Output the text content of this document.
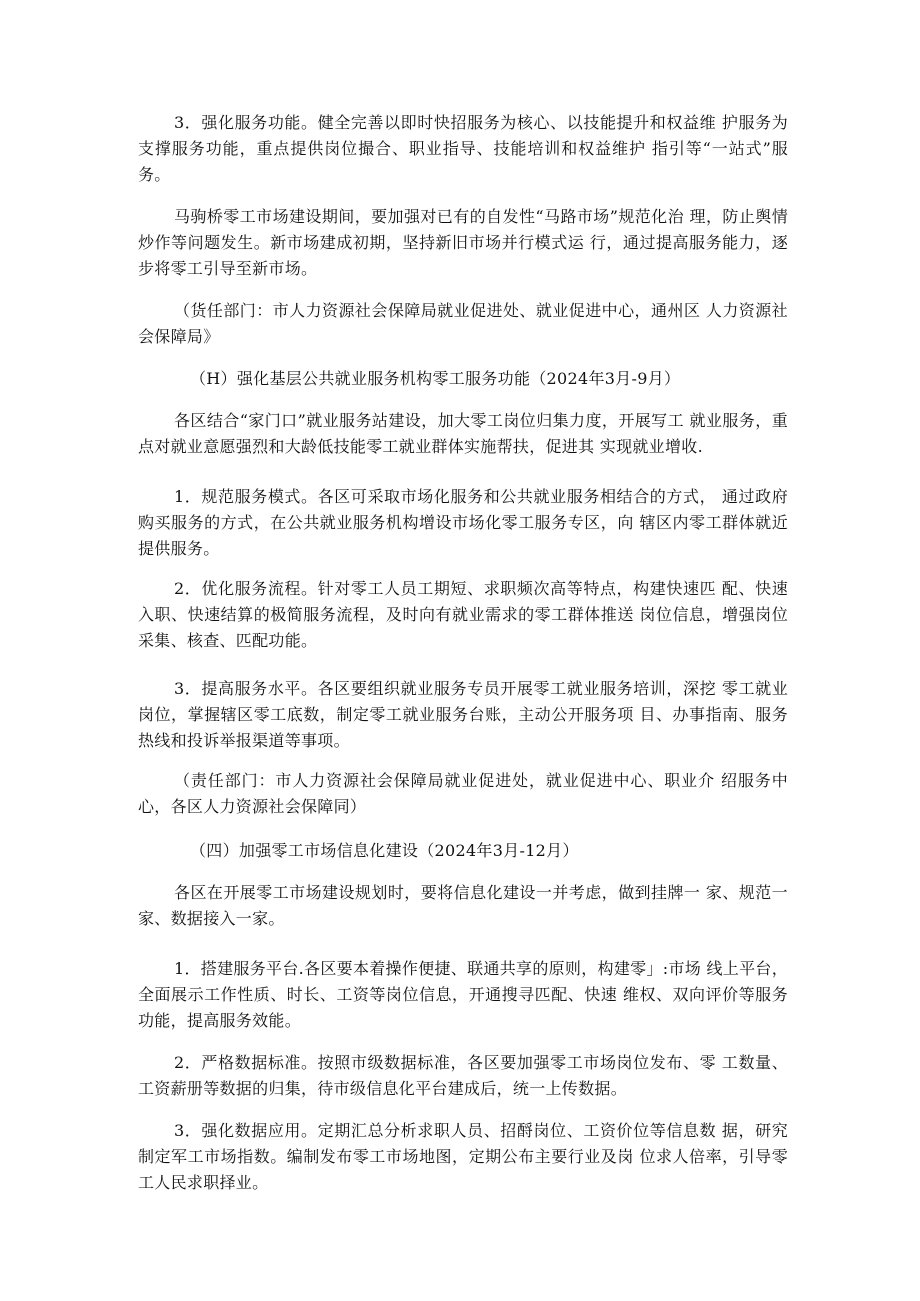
3．强化服务功能。健全完善以即时快招服务为核心、以技能提升和权益维 护服务为支撑服务功能，重点提供岗位撮合、职业指导、技能培训和权益维护 指引等“一站式”服务。

马驹桥零工市场建设期间，要加强对已有的自发性“马路市场”规范化治 理，防止舆情炒作等问题发生。新市场建成初期，坚持新旧市场并行模式运 行，通过提高服务能力，逐步将零工引导至新市场。

（货任部门：市人力资源社会保障局就业促进处、就业促进中心，通州区 人力资源社会保障局》

（H）强化基层公共就业服务机构零工服务功能（2024年3月-9月）

各区结合“家门口”就业服务站建设，加大零工岗位归集力度，开展写工 就业服务，重点对就业意愿强烈和大龄低技能零工就业群体实施帮扶，促进其 实现就业增收.

1．规范服务模式。各区可采取市场化服务和公共就业服务相结合的方式， 通过政府购买服务的方式，在公共就业服务机构增设市场化零工服务专区，向 辖区内零工群体就近提供服务。

2．优化服务流程。针对零工人员工期短、求职频次高等特点，构建快速匹 配、快速入职、快速结算的极简服务流程，及时向有就业需求的零工群体推送 岗位信息，增强岗位采集、核查、匹配功能。

3．提高服务水平。各区要组织就业服务专员开展零工就业服务培训，深挖 零工就业岗位，掌握辖区零工底数，制定零工就业服务台账，主动公开服务项 目、办事指南、服务热线和投诉举报渠道等事项。

（责任部门：市人力资源社会保障局就业促进处，就业促进中心、职业介 绍服务中心，各区人力资源社会保障同）

（四）加强零工市场信息化建设（2024年3月-12月）

各区在开展零工市场建设规划时，要将信息化建设一并考虑，做到挂牌一 家、规范一家、数据接入一家。

1．搭建服务平台.各区要本着操作便捷、联通共享的原则，构建零」:市场 线上平台，全面展示工作性质、时长、工资等岗位信息，开通搜寻匹配、快速 维权、双向评价等服务功能，提高服务效能。

2．严格数据标准。按照市级数据标准，各区要加强零工市场岗位发布、零 工数量、工资薪册等数据的归集，待市级信息化平台建成后，统一上传数据。

3．强化数据应用。定期汇总分析求职人员、招酹岗位、工资价位等信息数 据，研究制定军工市场指数。编制发布零工市场地图，定期公布主要行业及岗 位求人倍率，引导零工人民求职择业。
